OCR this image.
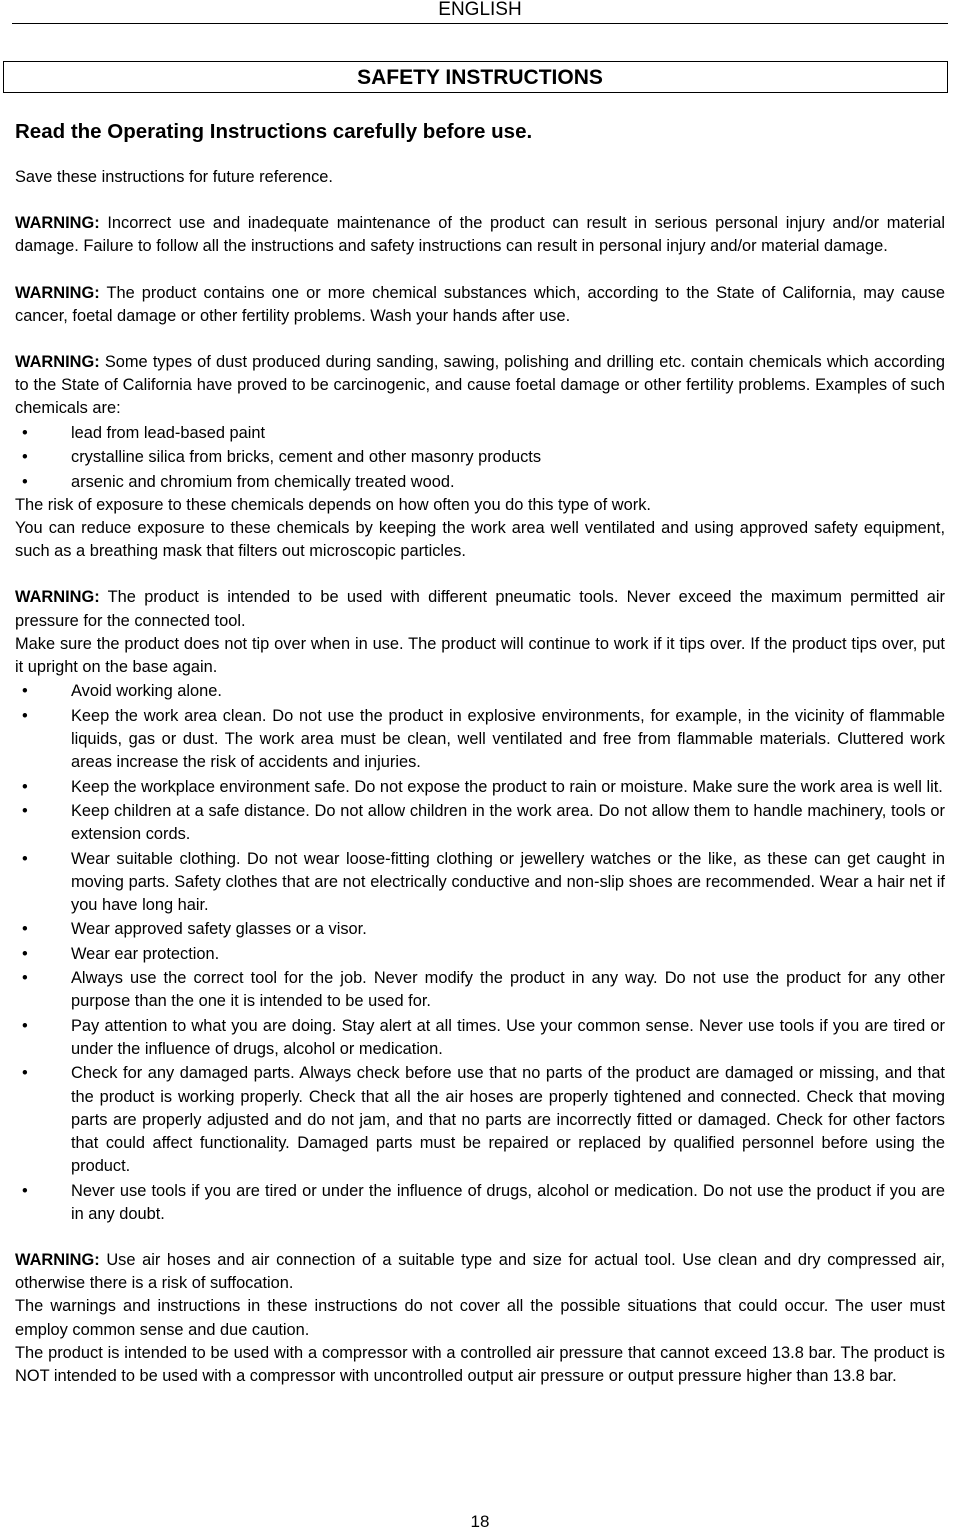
ENGLISH
SAFETY INSTRUCTIONS
Read the Operating Instructions carefully before use.

Save these instructions for future reference.

WARNING: Incorrect use and inadequate maintenance of the product can result in serious personal injury and/or material damage. Failure to follow all the instructions and safety instructions can result in personal injury and/or material damage.

WARNING: The product contains one or more chemical substances which, according to the State of California, may cause cancer, foetal damage or other fertility problems. Wash your hands after use.

WARNING: Some types of dust produced during sanding, sawing, polishing and drilling etc. contain chemicals which according to the State of California have proved to be carcinogenic, and cause foetal damage or other fertility problems. Examples of such chemicals are:

•	lead from lead-based paint
•	crystalline silica from bricks, cement and other masonry products
•	arsenic and chromium from chemically treated wood.

The risk of exposure to these chemicals depends on how often you do this type of work.

You can reduce exposure to these chemicals by keeping the work area well ventilated and using approved safety equipment, such as a breathing mask that filters out microscopic particles.

WARNING: The product is intended to be used with different pneumatic tools. Never exceed the maximum permitted air pressure for the connected tool.

Make sure the product does not tip over when in use. The product will continue to work if it tips over. If the product tips over, put it upright on the base again.

•	Avoid working alone.
•	Keep the work area clean. Do not use the product in explosive environments, for example, in the vicinity of flammable liquids, gas or dust. The work area must be clean, well ventilated and free from flammable materials. Cluttered work areas increase the risk of accidents and injuries.
•	Keep the workplace environment safe. Do not expose the product to rain or moisture. Make sure the work area is well lit.
•	Keep children at a safe distance. Do not allow children in the work area. Do not allow them to handle machinery, tools or extension cords.
•	Wear suitable clothing. Do not wear loose-fitting clothing or jewellery watches or the like, as these can get caught in moving parts. Safety clothes that are not electrically conductive and non-slip shoes are recommended. Wear a hair net if you have long hair.
•	Wear approved safety glasses or a visor.
•	Wear ear protection.
•	Always use the correct tool for the job. Never modify the product in any way. Do not use the product for any other purpose than the one it is intended to be used for.
•	Pay attention to what you are doing. Stay alert at all times. Use your common sense. Never use tools if you are tired or under the influence of drugs, alcohol or medication.
•	Check for any damaged parts. Always check before use that no parts of the product are damaged or missing, and that the product is working properly. Check that all the air hoses are properly tightened and connected. Check that moving parts are properly adjusted and do not jam, and that no parts are incorrectly fitted or damaged. Check for other factors that could affect functionality. Damaged parts must be repaired or replaced by qualified personnel before using the product.
•	Never use tools if you are tired or under the influence of drugs, alcohol or medication. Do not use the product if you are in any doubt.

WARNING: Use air hoses and air connection of a suitable type and size for actual tool. Use clean and dry compressed air, otherwise there is a risk of suffocation.

The warnings and instructions in these instructions do not cover all the possible situations that could occur. The user must employ common sense and due caution.

The product is intended to be used with a compressor with a controlled air pressure that cannot exceed 13.8 bar. The product is NOT intended to be used with a compressor with uncontrolled output air pressure or output pressure higher than 13.8 bar.

18
